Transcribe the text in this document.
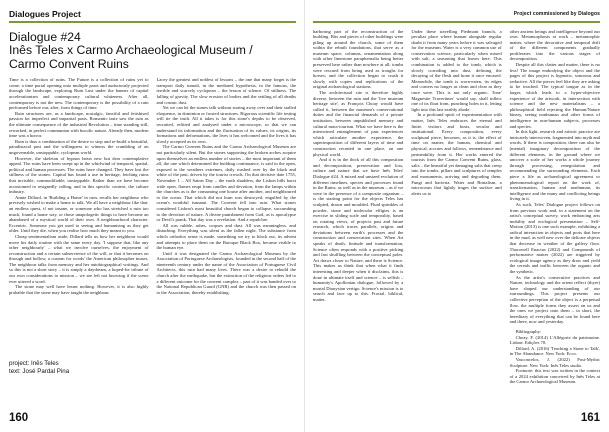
Dialogues Project
Dialogue #24
Inês Teles x Carmo Archaeological Museum /
Carmo Convent Ruins

Time is a collection of ruins. The Future is a collection of ruins yet to come: a time portal opening onto multiple pasts and audaciously projected through the landscape, exploring Ruin Lust under the banner of capital accelerationism and contemporary cultural whiteness. After all, contemporary is not the new. The contemporary is the possibility of a ruin performed before our, after, from things of time.

Ruin structures are, as a landscape, nostalgic, fanciful and fetishised passion for imperfect and impartial pasts. Romantic taste saw the ruin as the ultimate consequence of the industrial Revolution – time standing still, reworked, in perfect communion with bucolic nature. Already then, modern time was a horror.

Ruin is thus a combination of the desire to stop and re-build a beautiful, paradisiacal past and the willingness to witness the crumbling of an ungovernable, unstoppable, cyclopean world.

However, the skeleton of hypnos bears new but dear contemplative appeal. The ruins have been swept up in the whirlwind of temporal, spatial, political and human processes. The ruins have changed. They have lost the stillness of the stones. Capital has found a use in heritage, fetching ruins that invisible, commodifiable, unstoppable. Rather than we have become accustomed to resignedly calling, and in this specific context, the culture industry.

Annie Dillard, in 'Building a Home' in ruin, recalls her neighbour who precisely wished to make a home to talk. We all have a neighbour like that: an endless quest, if not insane, or someone who has stretched a ruin too much, found a home way, or those unapologetic things to have become an abandoned of a mystical world of their own. A neighbourhood character. Eccentric. Someone you get used to seeing and humanising as they get older. Until they die, when you realise how much they meant to you.

Cheap sentimentalism aside, Dillard tells us how her neighbour would move his daily routine with the same every day. 'I suppose that, like any other neighbourly' – what we involve ourselves, the enjoyment of reconstruction and a certain subservience of the will, or that it becomes on through and hollow, a custom for words' the American philosopher muses. The neighbour talks from memory and her autobiographical writings. And so this is not a short story – it is simply a daydream, a hoped-for tribute of our own considerations to mission – we are left not knowing if the scene ever uttered a word.

The stone may well have learnt nothing. However, it is also highly probable that the stone may have taught the neighbour.

Lacey the greatest and noblest of lessons – the one that many forget is the transport daily tumult, in the mediated hypothesis, in the famous, the terrible and scarcely cyclopean – the lesson of silence. Of stillness. The falling of gravity. The slow erosion of bodies and the settling of all deaths and cosmic dust.

Yet we can let the stones talk without staring away over and their stalled eloquence, in dominion or frosted structures. Rigorous scientific life testing will tie the truth. All it takes is for this stone's depths to be observed, recruited, refitted and analysed under a microscope, so that we can understand its information and the fluctuation of its values, its origins, its formations and deformations, the lives it has welcomed and the lives it has slowly accepted as its own.

The Carmo Convent Ruins and the Carmo Archaeological Museum are not particularly silent. But the stones supporting the broken arches acquire upon themselves an endless number of stories – the most important of them all, the one which determined the building continuance, is said in the open, exposed to the weathers extremes, daily washed over by the black and white of the past, driven by the tourist crowds. On that decisive date 1755, November 1 – All Saints Day – the earth shudders, the Lisbon hills burst wide open, flames erupt from candles and devotion, from the lamps within the churches as is the consuming one house after another, and neighboured to the ocean. That which did not burn was destroyed, engulfed by the ocean's wrathful tsunami. The Convent fell into ruin. What stones considered Lisbon's most beautiful church began to collapse, succumbing to the devotion of nature. A divine punishment from God, as is apocalypse or Devil's prank. That day was a revelation. And a sepulchre.

All was rubble, ashes, corpses and dust. All was meaningless, and disturbing. Everything was silent as the fallen night. The substance from which orthodox sense is made, something we try to block out, its advent and attempts to place them on the Baroque Black Box, became visible to the human eye.

Until it was designated the Carmo Archaeological Museum by the Association of Portuguese Archaeologists, founded in the second half of the nineteenth century under the name of the Association of Portuguese Civil Architects, this ruin had many lives. There was a desire to rebuild the church after the earthquake, but the extinction of the religious orders led to a different outcome for the convent complex – part of it was handed over to the National Republican Guard (GNR) and the church was then passed on to the Association, thereby establishing.

project: Inês Teles
text: José Pardal Pina
160
Project commissioned by Dialogos

harboring part of the reconstruction of the building. Bits and pieces of other buildings were piling up around the church, some of them within the rebuilt foundations, that serve as a museum space; columns, ornamentation along with other limestone paraphernalia being better preserved here rather than nowhere at all; tombs were rescued from being used as troughs for horses; and the collection began to crush it slowly with copies and replications of the original archaeological stations.

The architectural site is therefore highly diverse, between the ruin and the 'live museum heritage site', as François Choay would have called it, between the museum's conservational duties and the financial demands of a private institution, between unpublished memory and cultural mass-tourism. What we have here is the intertwined entanglement of past experiences which articulate another experience, the superimposition of different layers of time and construction recasted in one place, on one physical world.

And it is in the thick of all this composition and decomposition, preservation and loss, culture and nature that we have Inês Teles' Dialogue #24. A mixed and unsized evolution of different timelines, species and processes found in the Ruins, as well as in the museum – as if we were in the presence of a composite organism – is the starting point for the objects Teles has sculpted, drawn and moulded. Fluid sprinkles of powder, stone and molecular effigies is an exercise in sliding scale and temporality, based on rotating views, of projects past and future research, which traces parallels, origins and deviations between earth's processes and the construction and conservation sites. When Art speaks of death, finitude and transformation, Science often responds with a positive picking and fast shuffling between the conceptual poles. Art draws closer to Nature, and there is Science. This makes us think that when what it finds interesting and deeper when it disclaims, this is done in ultimate itself and science – is selfish – humanity's Apollonian dialogue, followed by a mortal Dionysian vertigo. Science's mission is to search and face up to this. Fractal, biblical, matter.

Under these travelling Piedmont branch, a peculiar place where human alongside regular doubt it from many years before it was salvaged for the museum. Water is a very common use of conservation science, particularly when mixed with salt, a seasoning that leaves here. This combination is added to the tomb, which is slowly corroding into dust, defining the decaying of the flesh and bone it once encased. Meanwhile, the tomb is worn-eaten, its edges and corners no longer as clean and clear as they once were. This is not only organic. Tone' Magnesite Travertines' would say, shall inflect one of its float from, punching holes in it, letting light into this last earthly abode.

In a profound spirit of experimentation with matter, Inês Teles embraces the eternal and finite, visitors and hosts, secular and institutional. Every composition, every sculptural piece, becomes, as it is, the effect of time on matter, the human, chemical and physical, accrues and follows, remembrance and permeability from it. Her works entered the tourists from the Carmo Convent Ruins, glass, salts – the beautiful yet damaging salts that creep into the tombs, pillars and sculptures of temples and monuments, arriving and degrading them. Fungi and bacteria. Water and Brutalism, a microcosm that lightly tinges the surface and alerts us to

other ancient beings and intelligence beyond our own. Metamorphosis at work – metamorphic matter, where the decorative and temporal drift of the different components gradually proliferates into the various stages of decomposition.

Despite all this clatter and matter, there is no less! The image embodying the object and the pages of this project is hypnotic, sonorous and seductive. All the pieces feel like they are asking to be touched. The typical tongue as in the larger, which leads to a hyper-objective experience of the artwork, in intersection with science and the new materialisms – a philosophical field rejecting the Human/Nature binary, seeing nonhuman and other forms of intelligence in non-human subjects, processes and species.

In this light, research and artistic practice are intricately interwoven, fragmented into myth and words. If there is composition, there can also be (mental) imaginary decomposition of the different elements, in the ground where we uncover a scale of her works a whole journey through processing, renegotiation and recommending the surrounding elements. Each piece a life as archaeological agreement or phenomenological report on the work of, transformation, human and nonhuman, its intelligence and the many and conflicting beings living in it.

As such, Teles' Dialogue project follows on from previous work and, in a statement on the artist's conceptual survey, work embracing arts mobility and ecological presentation – Self-Motion (2013) is one such example, exhibiting a radical interaction in objects and ports that here in the mud, as well new over the delicate objects that decrease in weather of the gallery floor. Thorowell Enactus (2022) and Compounds of performative matter (2022) are triggered by ecological image agency as they draw and yield the cereals and traffic between the organic and the synthetic.

As the artist's consecutive practices and Nature, technology and the orient reflect (thyre) have shaped our understanding of our surroundings. This project presents our collective perception of the object is a perpetual flow, the multiple forms they assert on us and the ones we project onto them – in short, the hereditary of everything that can be found here and there, now and yesterday.

Bibliography:

Choay, F. (2014) L'Allégorie du patrimoine. Lisbon: Edições 70.

Dillard, A. (2016) 'Teaching a Stone to Talk', in The Abundance. New York: Ecco.

Vasconcelos, J. (2022) Post-Mythic Sculpture. New York: Inês Teles studio.

Footnote: this text was written in the context of a 2024 exhibition conceived by Inês Teles at the Carmo Archaeological Museum.

161
